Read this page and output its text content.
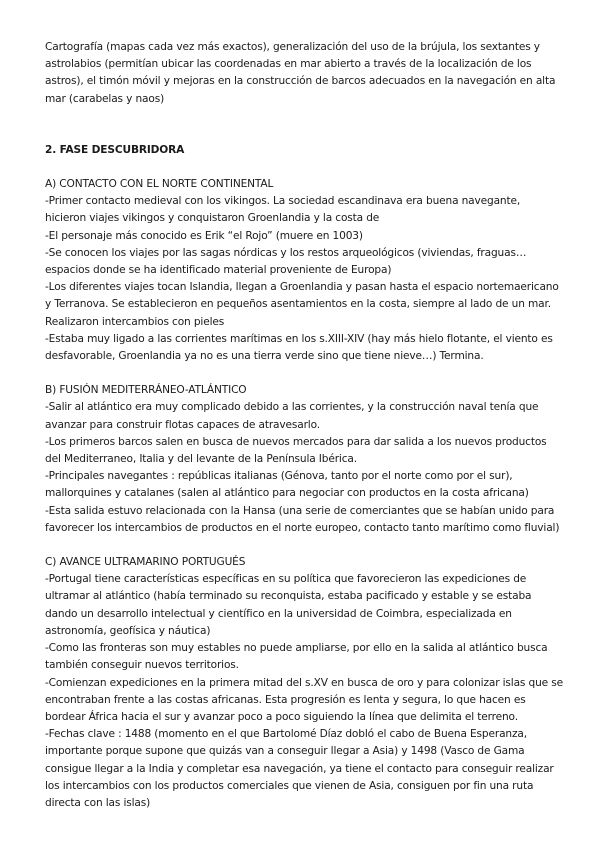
Cartografía (mapas cada vez más exactos), generalización del uso de la brújula, los sextantes y astrolabios (permitían ubicar las coordenadas en mar abierto a través de la localización de los astros), el timón móvil y mejoras en la construcción de barcos adecuados en la navegación en alta mar (carabelas y naos)

2. FASE DESCUBRIDORA

A) CONTACTO CON EL NORTE CONTINENTAL

-Primer contacto medieval con los vikingos. La sociedad escandinava era buena navegante, hicieron viajes vikingos y conquistaron Groenlandia y la costa de

-El personaje más conocido es Erik “el Rojo” (muere en 1003)

-Se conocen los viajes por las sagas nórdicas y los restos arqueológicos (viviendas, fraguas…espacios donde se ha identificado material proveniente de Europa)

-Los diferentes viajes tocan Islandia, llegan a Groenlandia y pasan hasta el espacio nortemaericano y Terranova. Se establecieron en pequeños asentamientos en la costa, siempre al lado de un mar. Realizaron intercambios con pieles

-Estaba muy ligado a las corrientes marítimas en los s.XIII-XIV (hay más hielo flotante, el viento es desfavorable, Groenlandia ya no es una tierra verde sino que tiene nieve…) Termina.

B) FUSIÓN MEDITERRÁNEO-ATLÁNTICO

-Salir al atlántico era muy complicado debido a las corrientes, y la construcción naval tenía que avanzar para construir flotas capaces de atravesarlo.

-Los primeros barcos salen en busca de nuevos mercados para dar salida a los nuevos productos del Mediterraneo, Italia y del levante de la Península Ibérica.

-Principales navegantes : repúblicas italianas (Génova, tanto por el norte como por el sur), mallorquines y catalanes (salen al atlántico para negociar con productos en la costa africana)

-Esta salida estuvo relacionada con la Hansa (una serie de comerciantes que se habían unido para favorecer los intercambios de productos en el norte europeo, contacto tanto marítimo como fluvial)

C) AVANCE ULTRAMARINO PORTUGUÉS

-Portugal tiene características específicas en su política que favorecieron las expediciones de ultramar al atlántico (había terminado su reconquista, estaba pacificado y estable y se estaba dando un desarrollo intelectual y científico en la universidad de Coimbra, especializada en astronomía, geofísica y náutica)

-Como las fronteras son muy estables no puede ampliarse, por ello en la salida al atlántico busca también conseguir nuevos territorios.

-Comienzan expediciones en la primera mitad del s.XV en busca de oro y para colonizar islas que se encontraban frente a las costas africanas. Esta progresión es lenta y segura, lo que hacen es bordear África hacia el sur y avanzar poco a poco siguiendo la línea que delimita el terreno.

-Fechas clave : 1488 (momento en el que Bartolomé Díaz dobló el cabo de Buena Esperanza, importante porque supone que quizás van a conseguir llegar a Asia) y 1498 (Vasco de Gama consigue llegar a la India y completar esa navegación, ya tiene el contacto para conseguir realizar los intercambios con los productos comerciales que vienen de Asia, consiguen por fin una ruta directa con las islas)
